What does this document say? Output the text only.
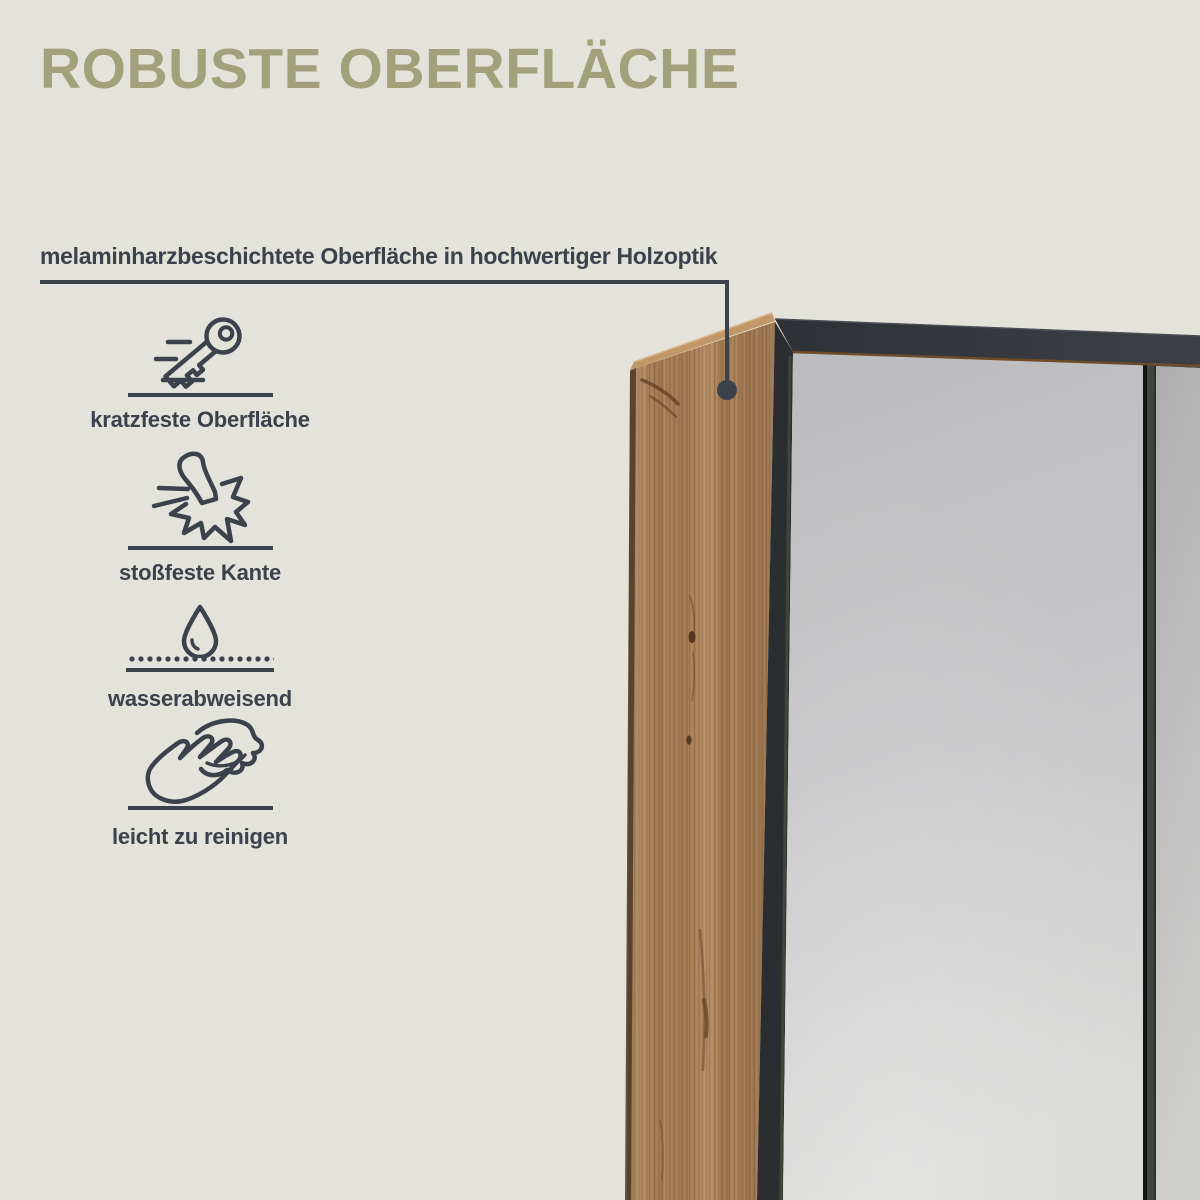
ROBUSTE OBERFLÄCHE
melaminharzbeschichtete Oberfläche in hochwertiger Holzoptik
kratzfeste Oberfläche
stoßfeste Kante
wasserabweisend
leicht zu reinigen
